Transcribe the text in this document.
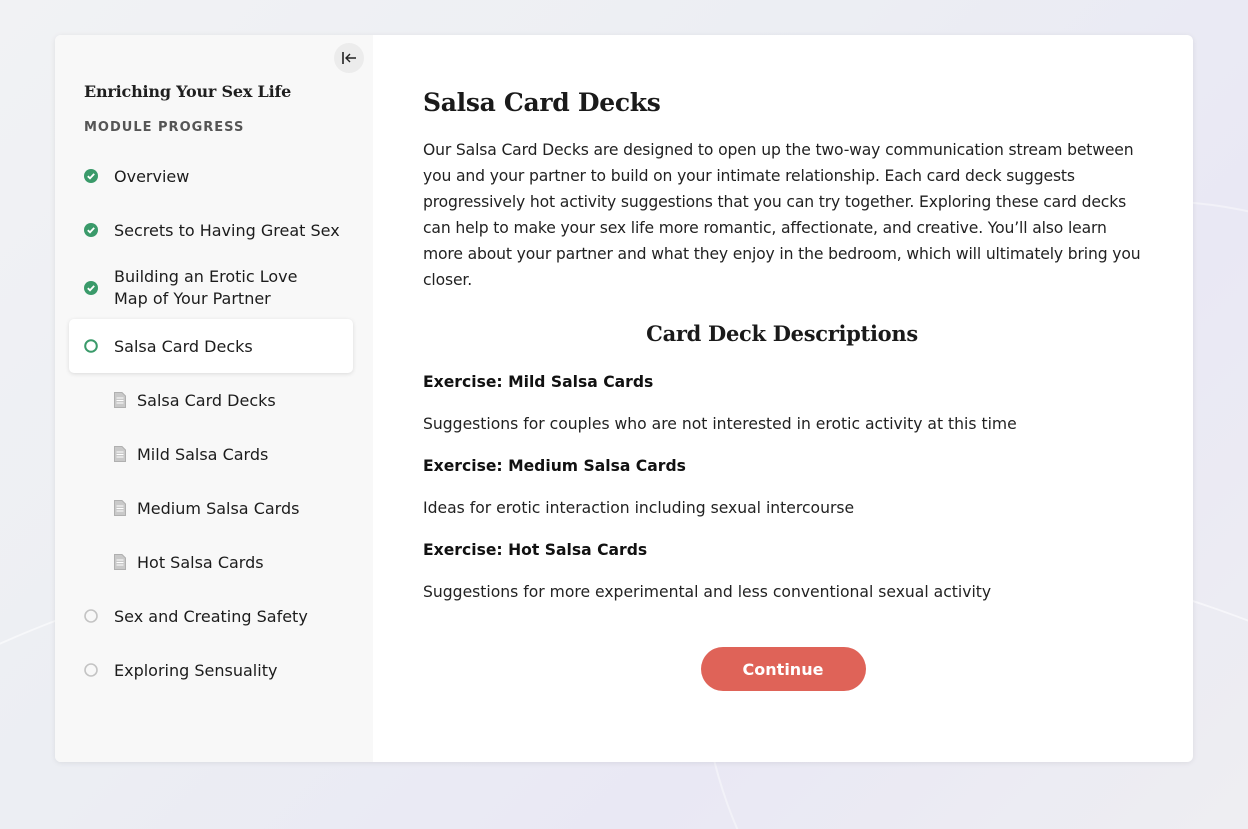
Enriching Your Sex Life
MODULE PROGRESS
Overview
Secrets to Having Great Sex
Building an Erotic Love Map of Your Partner
Salsa Card Decks
Salsa Card Decks
Mild Salsa Cards
Medium Salsa Cards
Hot Salsa Cards
Sex and Creating Safety
Exploring Sensuality
Salsa Card Decks

Our Salsa Card Decks are designed to open up the two-way communication stream between you and your partner to build on your intimate relationship. Each card deck suggests progressively hot activity suggestions that you can try together. Exploring these card decks can help to make your sex life more romantic, affectionate, and creative. You’ll also learn more about your partner and what they enjoy in the bedroom, which will ultimately bring you closer.

Card Deck Descriptions
Exercise: Mild Salsa Cards
Suggestions for couples who are not interested in erotic activity at this time
Exercise: Medium Salsa Cards
Ideas for erotic interaction including sexual intercourse
Exercise: Hot Salsa Cards
Suggestions for more experimental and less conventional sexual activity
Continue
